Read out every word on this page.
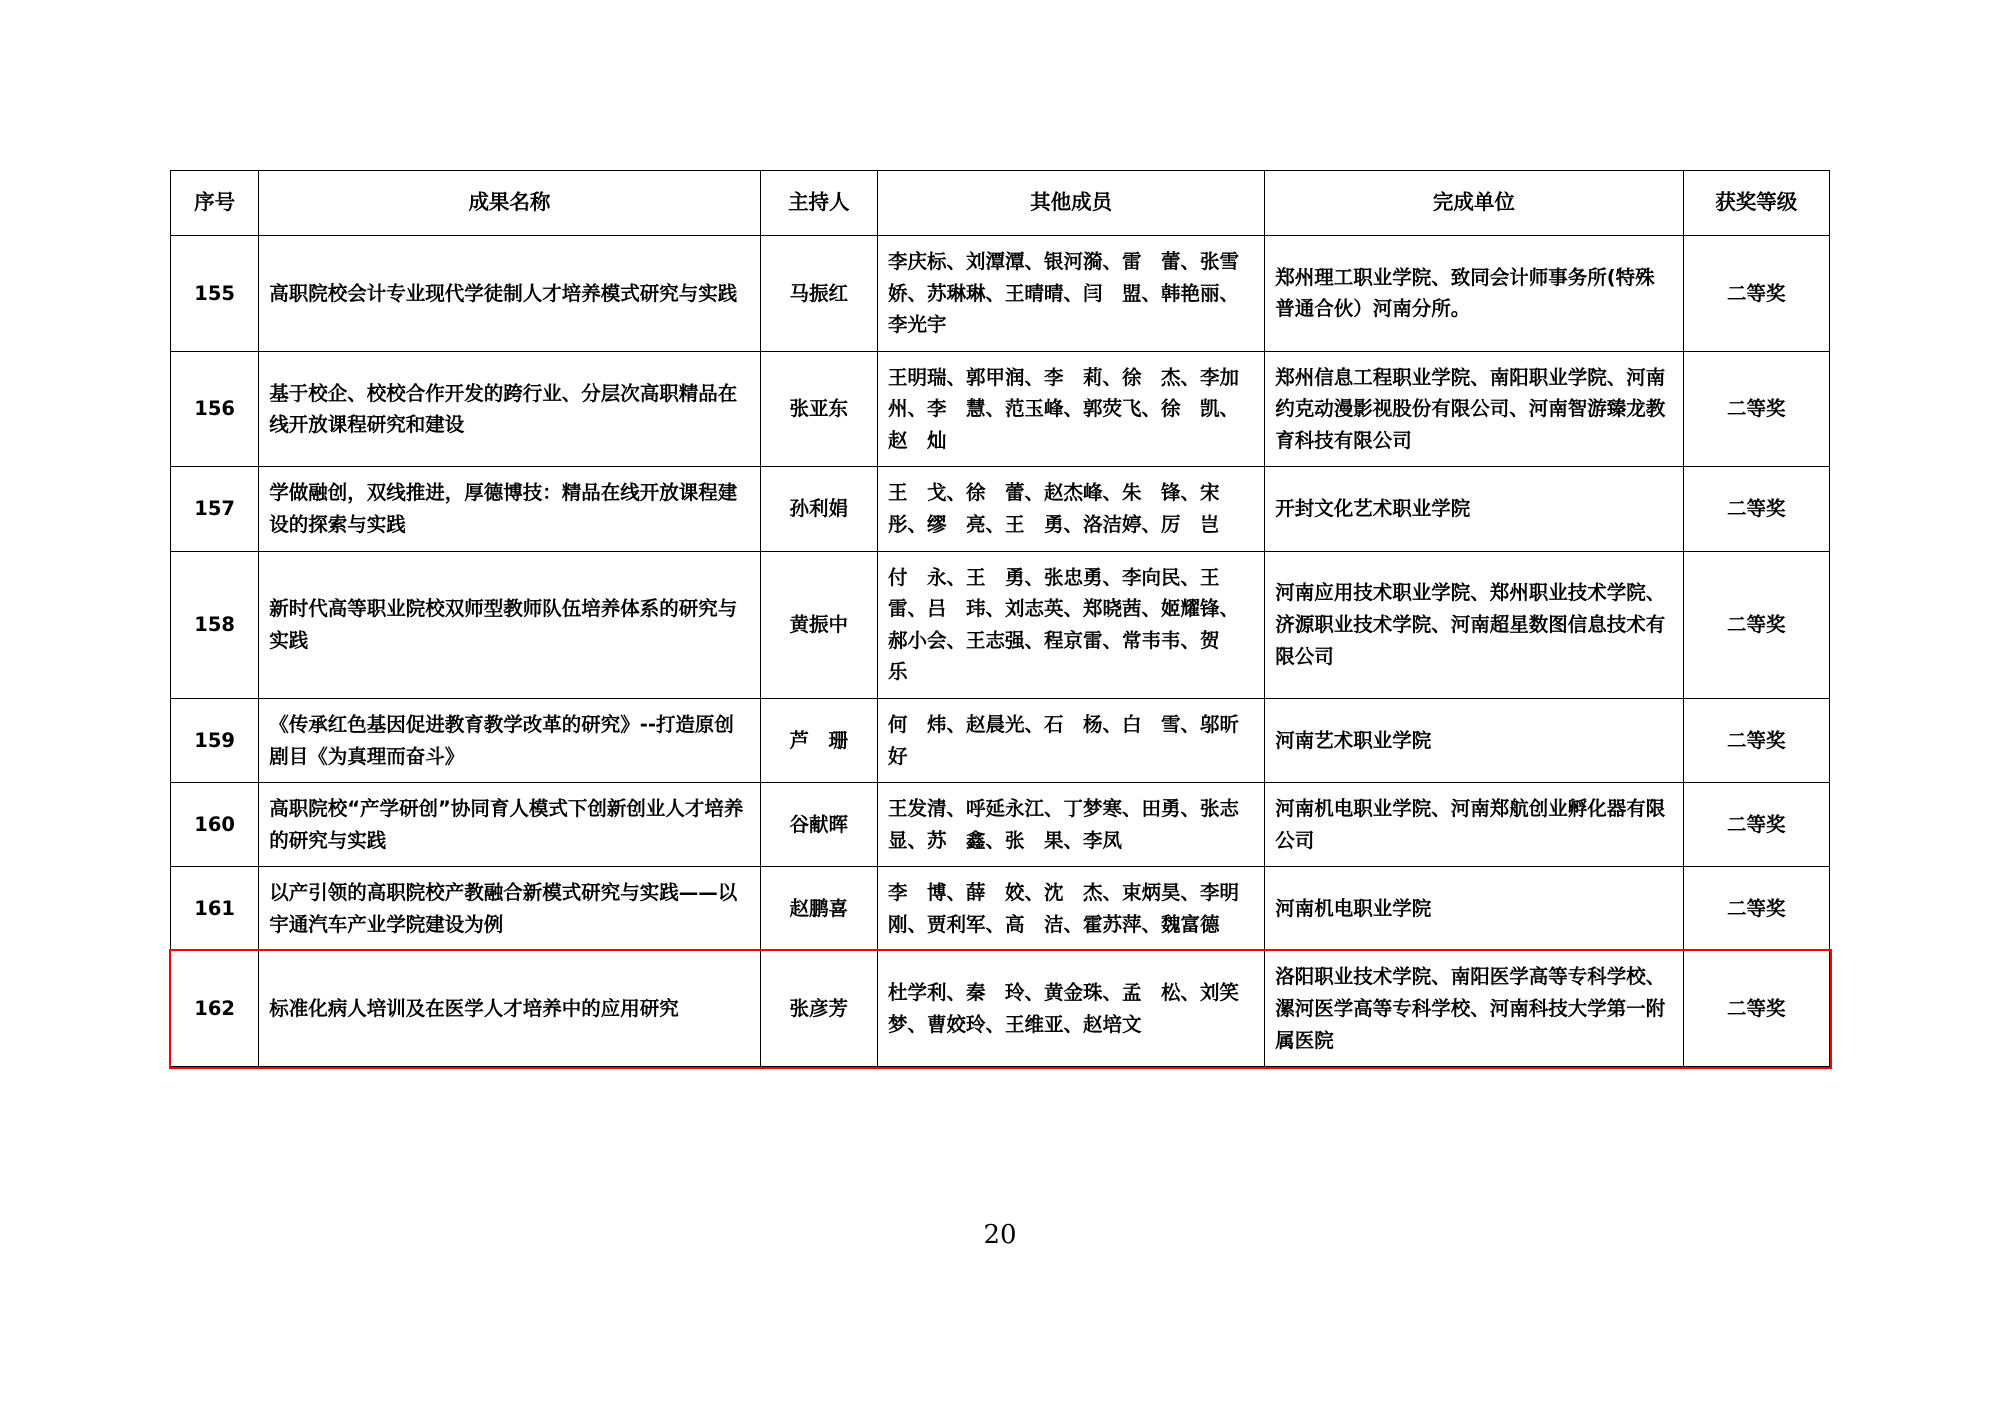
序号	成果名称	主持人	其他成员	完成单位	获奖等级
155	高职院校会计专业现代学徒制人才培养模式研究与实践	马振红	李庆标、刘潭潭、银河漪、雷　蕾、张雪娇、苏琳琳、王晴晴、闫　盟、韩艳丽、李光宇	郑州理工职业学院、致同会计师事务所(特殊普通合伙）河南分所。	二等奖
156	基于校企、校校合作开发的跨行业、分层次高职精品在线开放课程研究和建设	张亚东	王明瑞、郭甲润、李　莉、徐　杰、李加州、李　慧、范玉峰、郭荧飞、徐　凯、赵　灿	郑州信息工程职业学院、南阳职业学院、河南约克动漫影视股份有限公司、河南智游臻龙教育科技有限公司	二等奖
157	学做融创，双线推进，厚德博技：精品在线开放课程建设的探索与实践	孙利娟	王　戈、徐　蕾、赵杰峰、朱　锋、宋　彤、缪　亮、王　勇、洛洁婷、厉　岂	开封文化艺术职业学院	二等奖
158	新时代高等职业院校双师型教师队伍培养体系的研究与实践	黄振中	付　永、王　勇、张忠勇、李向民、王　雷、吕　玮、刘志英、郑晓茜、姬耀锋、郝小会、王志强、程京雷、常韦韦、贺　乐	河南应用技术职业学院、郑州职业技术学院、济源职业技术学院、河南超星数图信息技术有限公司	二等奖
159	《传承红色基因促进教育教学改革的研究》--打造原创剧目《为真理而奋斗》	芦　珊	何　炜、赵晨光、石　杨、白　雪、邬昕好	河南艺术职业学院	二等奖
160	高职院校“产学研创”协同育人模式下创新创业人才培养的研究与实践	谷献晖	王发清、呼延永江、丁梦寒、田勇、张志显、苏　鑫、张　果、李凤	河南机电职业学院、河南郑航创业孵化器有限公司	二等奖
161	以产引领的高职院校产教融合新模式研究与实践——以宇通汽车产业学院建设为例	赵鹏喜	李　博、薛　姣、沈　杰、束炳昊、李明刚、贾利军、高　洁、霍苏萍、魏富德	河南机电职业学院	二等奖
162	标准化病人培训及在医学人才培养中的应用研究	张彦芳	杜学利、秦　玲、黄金珠、孟　松、刘笑梦、曹姣玲、王维亚、赵培文	洛阳职业技术学院、南阳医学高等专科学校、漯河医学高等专科学校、河南科技大学第一附属医院	二等奖
20
